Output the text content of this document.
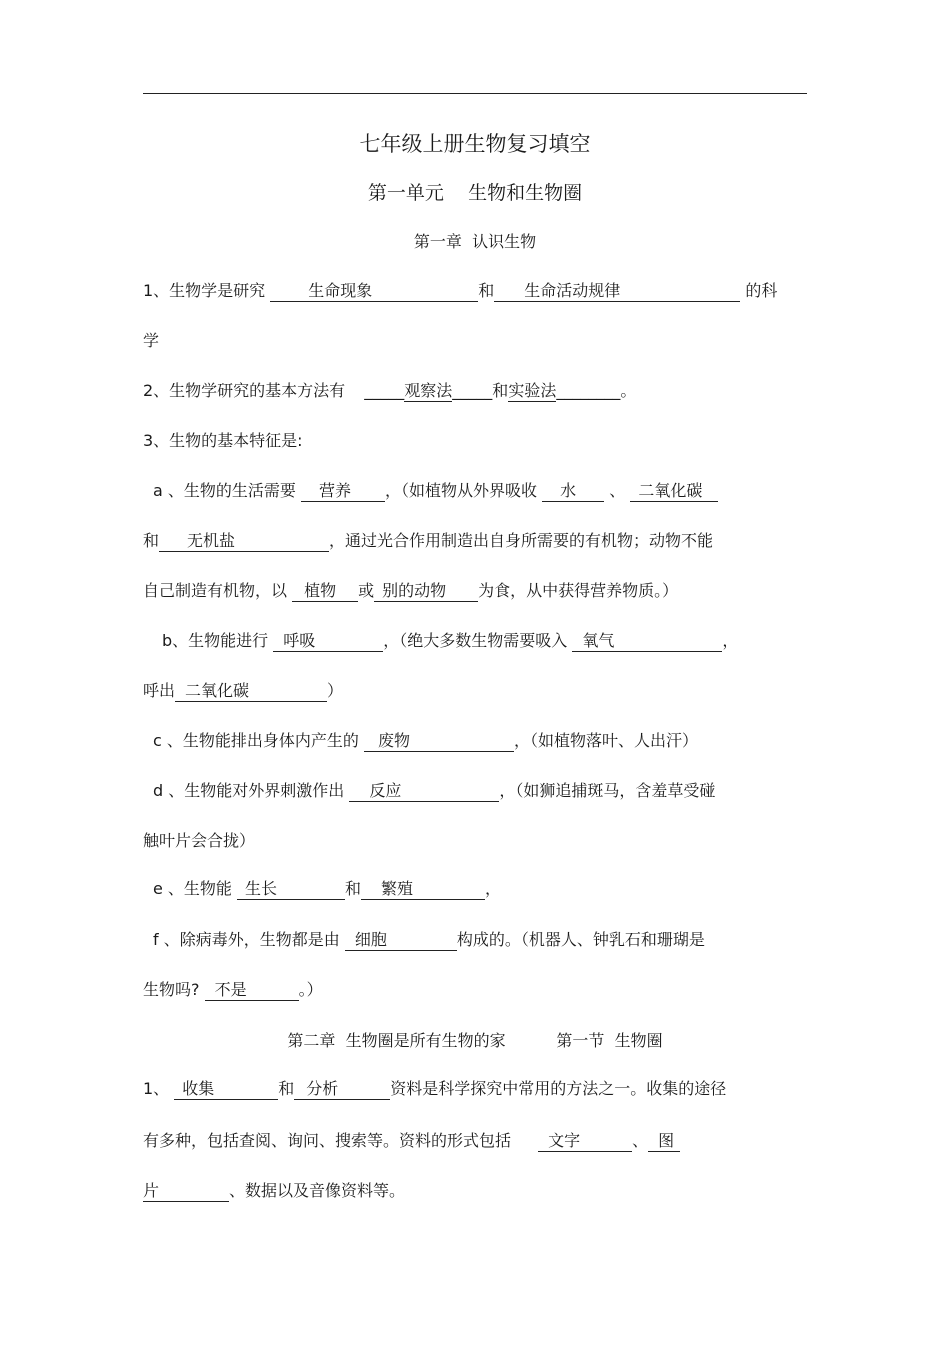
七年级上册生物复习填空
第一单元    生物和生物圈
第一章  认识生物
1、生物学是研究	生命现象	和 生命活动规律	的科
学
2、生物学研究的基本方法有 _____观察法_____和实验法________。
3、生物的基本特征是:
a 、生物的生活需要 营养 ，（如植物从外界吸收 水 、 二氧化碳
和 无机盐	，通过光合作用制造出自身所需要的有机物；动物不能
自己制造有机物，以 植物 或 别的动物 为食，从中获得营养物质。）
b、生物能进行 呼吸	，（绝大多数生物需要吸入 氧气	，
呼出 二氧化碳	）
c 、生物能排出身体内产生的 废物	，（如植物落叶、人出汗）
d 、生物能对外界刺激作出 反应	，（如狮追捕斑马，含羞草受碰
触叶片会合拢）
e 、生物能 生长	和 繁殖	，
f 、除病毒外，生物都是由 细胞	构成的。（机器人、钟乳石和珊瑚是
生物吗? 不是	。）
第二章  生物圈是所有生物的家          第一节  生物圈
1、 收集	和 分析	资料是科学探究中常用的方法之一。收集的途径
有多种，包括查阅、询问、搜索等。资料的形式包括 文字	、 图
片	、数据以及音像资料等。
